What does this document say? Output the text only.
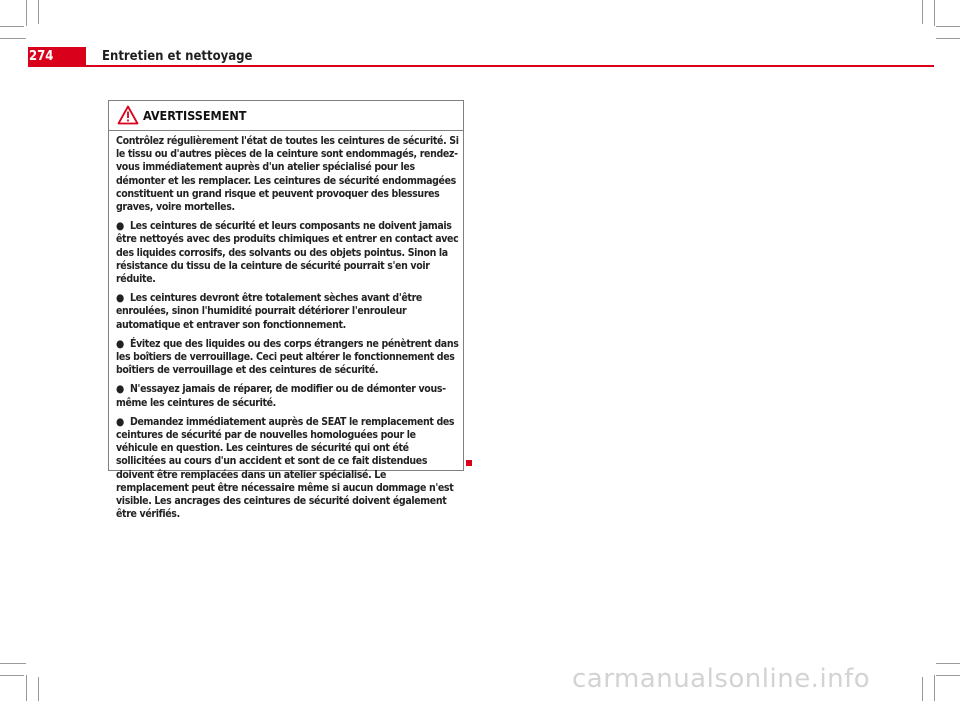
274	Entretien et nettoyage
AVERTISSEMENT

Contrôlez régulièrement l'état de toutes les ceintures de sécurité. Si le tissu ou d'autres pièces de la ceinture sont endommagés, rendez-vous immédiatement auprès d'un atelier spécialisé pour les démonter et les remplacer. Les ceintures de sécurité endommagées constituent un grand risque et peuvent provoquer des blessures graves, voire mortelles.

● Les ceintures de sécurité et leurs composants ne doivent jamais être nettoyés avec des produits chimiques et entrer en contact avec des liquides corrosifs, des solvants ou des objets pointus. Sinon la résistance du tissu de la ceinture de sécurité pourrait s'en voir réduite.

● Les ceintures devront être totalement sèches avant d'être enroulées, sinon l'humidité pourrait détériorer l'enrouleur automatique et entraver son fonctionnement.

● Évitez que des liquides ou des corps étrangers ne pénètrent dans les boîtiers de verrouillage. Ceci peut altérer le fonctionnement des boîtiers de verrouillage et des ceintures de sécurité.

● N'essayez jamais de réparer, de modifier ou de démonter vous-même les ceintures de sécurité.

● Demandez immédiatement auprès de SEAT le remplacement des ceintures de sécurité par de nouvelles homologuées pour le véhicule en question. Les ceintures de sécurité qui ont été sollicitées au cours d'un accident et sont de ce fait distendues doivent être remplacées dans un atelier spécialisé. Le remplacement peut être nécessaire même si aucun dommage n'est visible. Les ancrages des ceintures de sécurité doivent également être vérifiés.

carmanualsonline.info
